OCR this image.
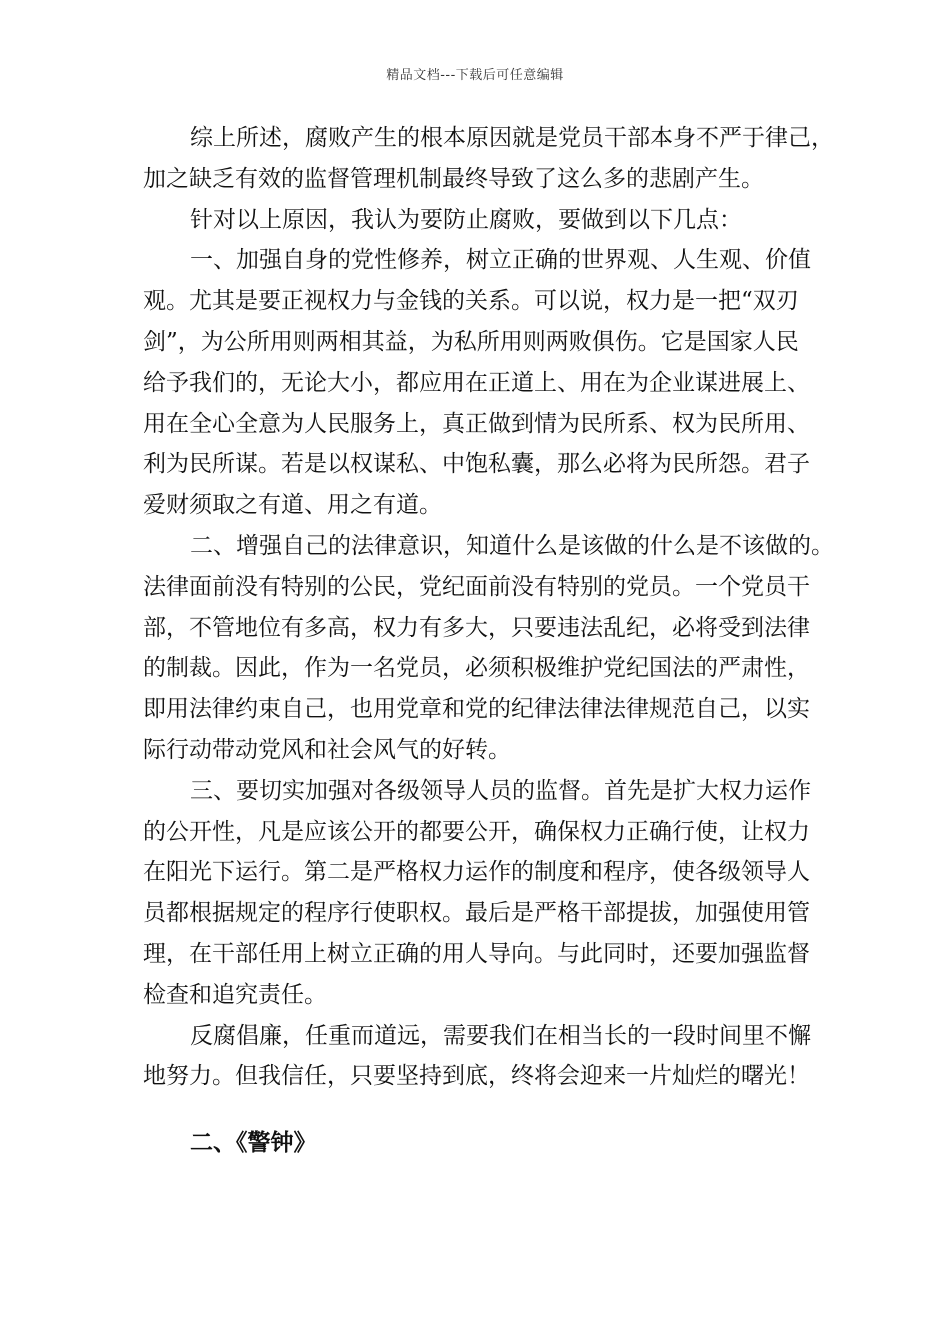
精品文档---下载后可任意编辑
综上所述，腐败产生的根本原因就是党员干部本身不严于律己，
加之缺乏有效的监督管理机制最终导致了这么多的悲剧产生。
针对以上原因，我认为要防止腐败，要做到以下几点：
一、加强自身的党性修养，树立正确的世界观、人生观、价值
观。尤其是要正视权力与金钱的关系。可以说，权力是一把“双刃
剑”，为公所用则两相其益，为私所用则两败俱伤。它是国家人民
给予我们的，无论大小，都应用在正道上、用在为企业谋进展上、
用在全心全意为人民服务上，真正做到情为民所系、权为民所用、
利为民所谋。若是以权谋私、中饱私囊，那么必将为民所怨。君子
爱财须取之有道、用之有道。
二、增强自己的法律意识，知道什么是该做的什么是不该做的。
法律面前没有特别的公民，党纪面前没有特别的党员。一个党员干
部，不管地位有多高，权力有多大，只要违法乱纪，必将受到法律
的制裁。因此，作为一名党员，必须积极维护党纪国法的严肃性，
即用法律约束自己，也用党章和党的纪律法律法律规范自己，以实
际行动带动党风和社会风气的好转。
三、要切实加强对各级领导人员的监督。首先是扩大权力运作
的公开性，凡是应该公开的都要公开，确保权力正确行使，让权力
在阳光下运行。第二是严格权力运作的制度和程序，使各级领导人
员都根据规定的程序行使职权。最后是严格干部提拔，加强使用管
理，在干部任用上树立正确的用人导向。与此同时，还要加强监督
检查和追究责任。
反腐倡廉，任重而道远，需要我们在相当长的一段时间里不懈
地努力。但我信任，只要坚持到底，终将会迎来一片灿烂的曙光！
二、《警钟》
